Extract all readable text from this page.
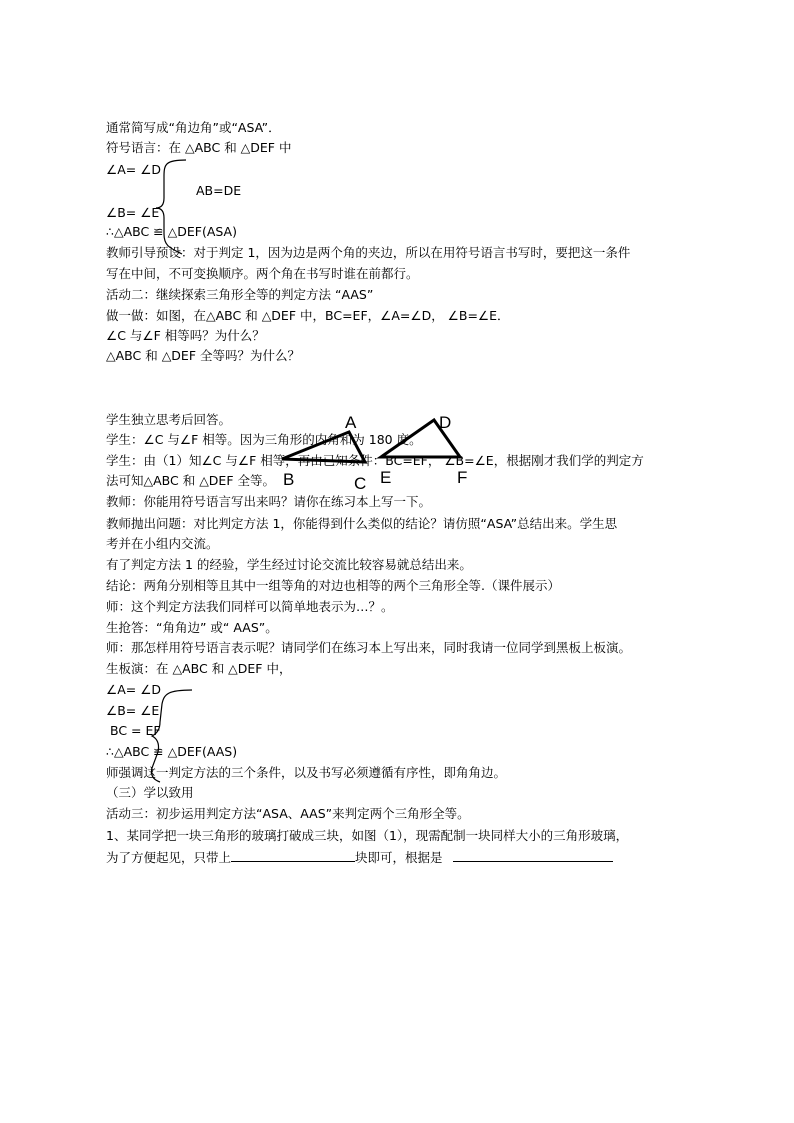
通常简写成“角边角”或“ASA”．
符号语言：在 △ABC 和 △DEF 中
∠A= ∠D
AB=DE
∠B= ∠E
∴△ABC ≌ △DEF(ASA)
教师引导预设：对于判定 1，因为边是两个角的夹边，所以在用符号语言书写时，要把这一条件
写在中间，不可变换顺序。两个角在书写时谁在前都行。
活动二：继续探索三角形全等的判定方法 “AAS”
做一做：如图，在△ABC 和 △DEF 中，BC=EF，∠A=∠D， ∠B=∠E．
∠C 与∠F 相等吗？为什么？
△ABC 和 △DEF 全等吗？为什么？
学生独立思考后回答。
学生：∠C 与∠F 相等。因为三角形的内角和为 180 度。
学生：由（1）知∠C 与∠F 相等，再由已知条件：BC=EF， ∠B=∠E，根据刚才我们学的判定方
法可知△ABC 和 △DEF 全等。
教师：你能用符号语言写出来吗？请你在练习本上写一下。
教师抛出问题：对比判定方法 1，你能得到什么类似的结论？请仿照“ASA”总结出来。学生思
考并在小组内交流。
有了判定方法 1 的经验，学生经过讨论交流比较容易就总结出来。
结论：两角分别相等且其中一组等角的对边也相等的两个三角形全等.（课件展示）
师：这个判定方法我们同样可以简单地表示为…？。
生抢答：“角角边” 或“ AAS”。
师：那怎样用符号语言表示呢？请同学们在练习本上写出来，同时我请一位同学到黑板上板演。
生板演：在 △ABC 和 △DEF 中，
∠A= ∠D
∠B= ∠E
BC = EF
∴△ABC ≌ △DEF(AAS)
师强调这一判定方法的三个条件，以及书写必须遵循有序性，即角角边。
（三）学以致用
活动三：初步运用判定方法“ASA、AAS”来判定两个三角形全等。
1、某同学把一块三角形的玻璃打破成三块，如图（1），现需配制一块同样大小的三角形玻璃，
为了方便起见，只带上	块即可，根据是
A
B	C
D
E	F
